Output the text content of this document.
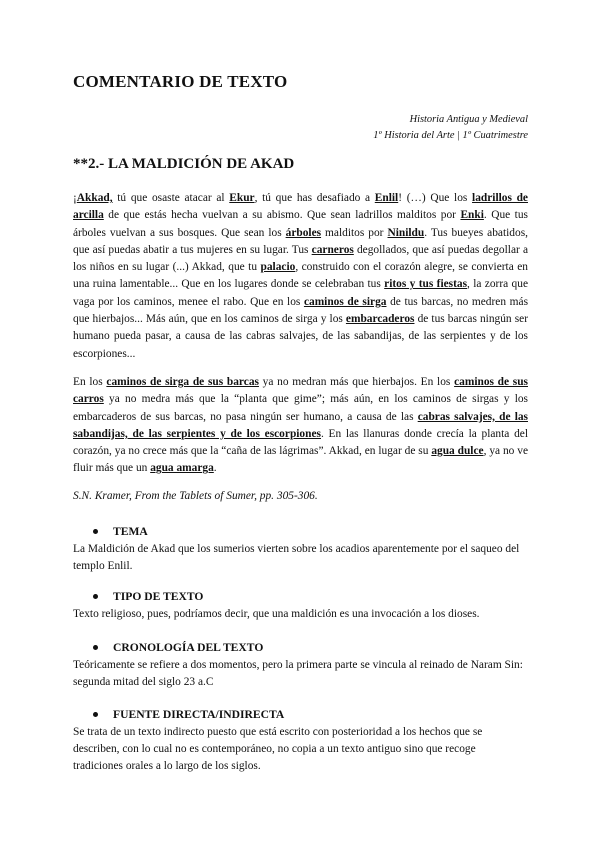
COMENTARIO DE TEXTO
Historia Antigua y Medieval
1º Historia del Arte | 1º Cuatrimestre
**2.- LA MALDICIÓN DE AKAD
¡Akkad, tú que osaste atacar al Ekur, tú que has desafiado a Enlil! (…) Que los ladrillos de arcilla de que estás hecha vuelvan a su abismo. Que sean ladrillos malditos por Enki. Que tus árboles vuelvan a sus bosques. Que sean los árboles malditos por Ninildu. Tus bueyes abatidos, que así puedas abatir a tus mujeres en su lugar. Tus carneros degollados, que así puedas degollar a los niños en su lugar (...) Akkad, que tu palacio, construido con el corazón alegre, se convierta en una ruina lamentable... Que en los lugares donde se celebraban tus ritos y tus fiestas, la zorra que vaga por los caminos, menee el rabo. Que en los caminos de sirga de tus barcas, no medren más que hierbajos... Más aún, que en los caminos de sirga y los embarcaderos de tus barcas ningún ser humano pueda pasar, a causa de las cabras salvajes, de las sabandijas, de las serpientes y de los escorpiones...
En los caminos de sirga de sus barcas ya no medran más que hierbajos. En los caminos de sus carros ya no medra más que la “planta que gime”; más aún, en los caminos de sirgas y los embarcaderos de sus barcas, no pasa ningún ser humano, a causa de las cabras salvajes, de las sabandijas, de las serpientes y de los escorpiones. En las llanuras donde crecía la planta del corazón, ya no crece más que la “caña de las lágrimas”. Akkad, en lugar de su agua dulce, ya no ve fluir más que un agua amarga.
S.N. Kramer, From the Tablets of Sumer, pp. 305-306.
TEMA
La Maldición de Akad que los sumerios vierten sobre los acadios aparentemente por el saqueo del templo Enlil.
TIPO DE TEXTO
Texto religioso, pues, podríamos decir, que una maldición es una invocación a los dioses.
CRONOLOGÍA DEL TEXTO
Teóricamente se refiere a dos momentos, pero la primera parte se vincula al reinado de Naram Sin: segunda mitad del siglo 23 a.C
FUENTE DIRECTA/INDIRECTA
Se trata de un texto indirecto puesto que está escrito con posterioridad a los hechos que se describen, con lo cual no es contemporáneo, no copia a un texto antiguo sino que recoge tradiciones orales a lo largo de los siglos.
